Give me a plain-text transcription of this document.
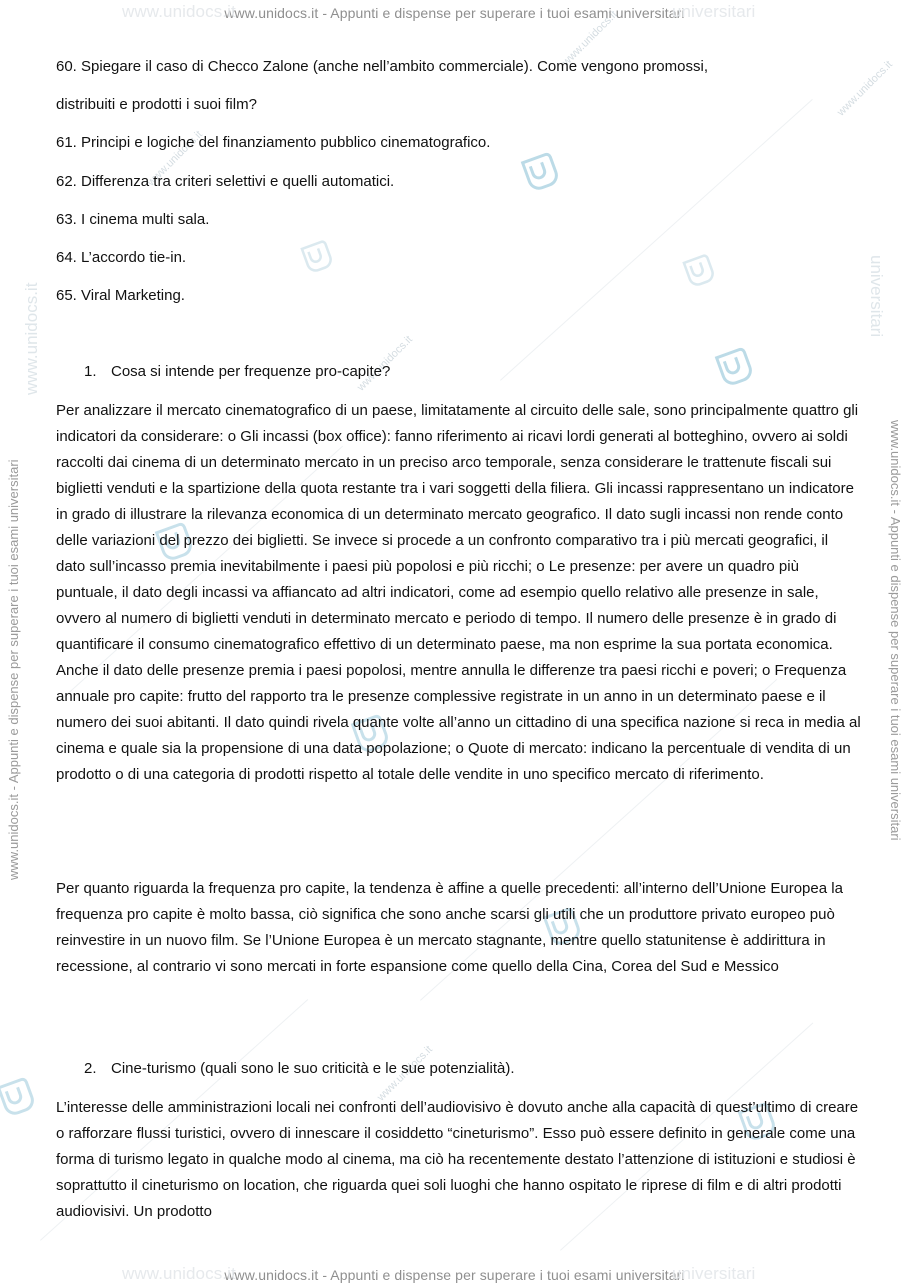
www.unidocs.it
www.unidocs.it
www.unidocs.it
www.unidocs.it
www.unidocs.it
www.unidocs.it
www.unidocs.it - Appunti e dispense per superare i tuoi esami universitari
universitari
www.unidocs.it
www.unidocs.it - Appunti e dispense per superare i tuoi esami universitari
universitari
www.unidocs.it - Appunti e dispense per superare i tuoi esami universitari
www.unidocs.it
www.unidocs.it - Appunti e dispense per superare i tuoi esami universitari
universitari
60. Spiegare il caso di Checco Zalone (anche nell’ambito commerciale). Come vengono promossi,
distribuiti e prodotti i suoi film?
61. Principi e logiche del finanziamento pubblico cinematografico.
62. Differenza tra criteri selettivi e quelli automatici.
63. I cinema multi sala.
64. L’accordo tie-in.
65. Viral Marketing.
1. Cosa si intende per frequenze pro-capite?

Per analizzare il mercato cinematografico di un paese, limitatamente al circuito delle sale, sono principalmente quattro gli indicatori da considerare: o Gli incassi (box office): fanno riferimento ai ricavi lordi generati al botteghino, ovvero ai soldi raccolti dai cinema di un determinato mercato in un preciso arco temporale, senza considerare le trattenute fiscali sui biglietti venduti e la spartizione della quota restante tra i vari soggetti della filiera. Gli incassi rappresentano un indicatore in grado di illustrare la rilevanza economica di un determinato mercato geografico. Il dato sugli incassi non rende conto delle variazioni del prezzo dei biglietti. Se invece si procede a un confronto comparativo tra i più mercati geografici, il dato sull’incasso premia inevitabilmente i paesi più popolosi e più ricchi; o Le presenze: per avere un quadro più puntuale, il dato degli incassi va affiancato ad altri indicatori, come ad esempio quello relativo alle presenze in sale, ovvero al numero di biglietti venduti in determinato mercato e periodo di tempo. Il numero delle presenze è in grado di quantificare il consumo cinematografico effettivo di un determinato paese, ma non esprime la sua portata economica. Anche il dato delle presenze premia i paesi popolosi, mentre annulla le differenze tra paesi ricchi e poveri; o Frequenza annuale pro capite: frutto del rapporto tra le presenze complessive registrate in un anno in un determinato paese e il numero dei suoi abitanti. Il dato quindi rivela quante volte all’anno un cittadino di una specifica nazione si reca in media al cinema e quale sia la propensione di una data popolazione; o Quote di mercato: indicano la percentuale di vendita di un prodotto o di una categoria di prodotti rispetto al totale delle vendite in uno specifico mercato di riferimento.

Per quanto riguarda la frequenza pro capite, la tendenza è affine a quelle precedenti: all’interno dell’Unione Europea la frequenza pro capite è molto bassa, ciò significa che sono anche scarsi gli utili che un produttore privato europeo può reinvestire in un nuovo film. Se l’Unione Europea è un mercato stagnante, mentre quello statunitense è addirittura in recessione, al contrario vi sono mercati in forte espansione come quello della Cina, Corea del Sud e Messico

2. Cine-turismo (quali sono le suo criticità e le sue potenzialità).

L’interesse delle amministrazioni locali nei confronti dell’audiovisivo è dovuto anche alla capacità di quest’ultimo di creare o rafforzare flussi turistici, ovvero di innescare il cosiddetto “cineturismo”. Esso può essere definito in generale come una forma di turismo legato in qualche modo al cinema, ma ciò ha recentemente destato l’attenzione di istituzioni e studiosi è soprattutto il cineturismo on location, che riguarda quei soli luoghi che hanno ospitato le riprese di film e di altri prodotti audiovisivi. Un prodotto
